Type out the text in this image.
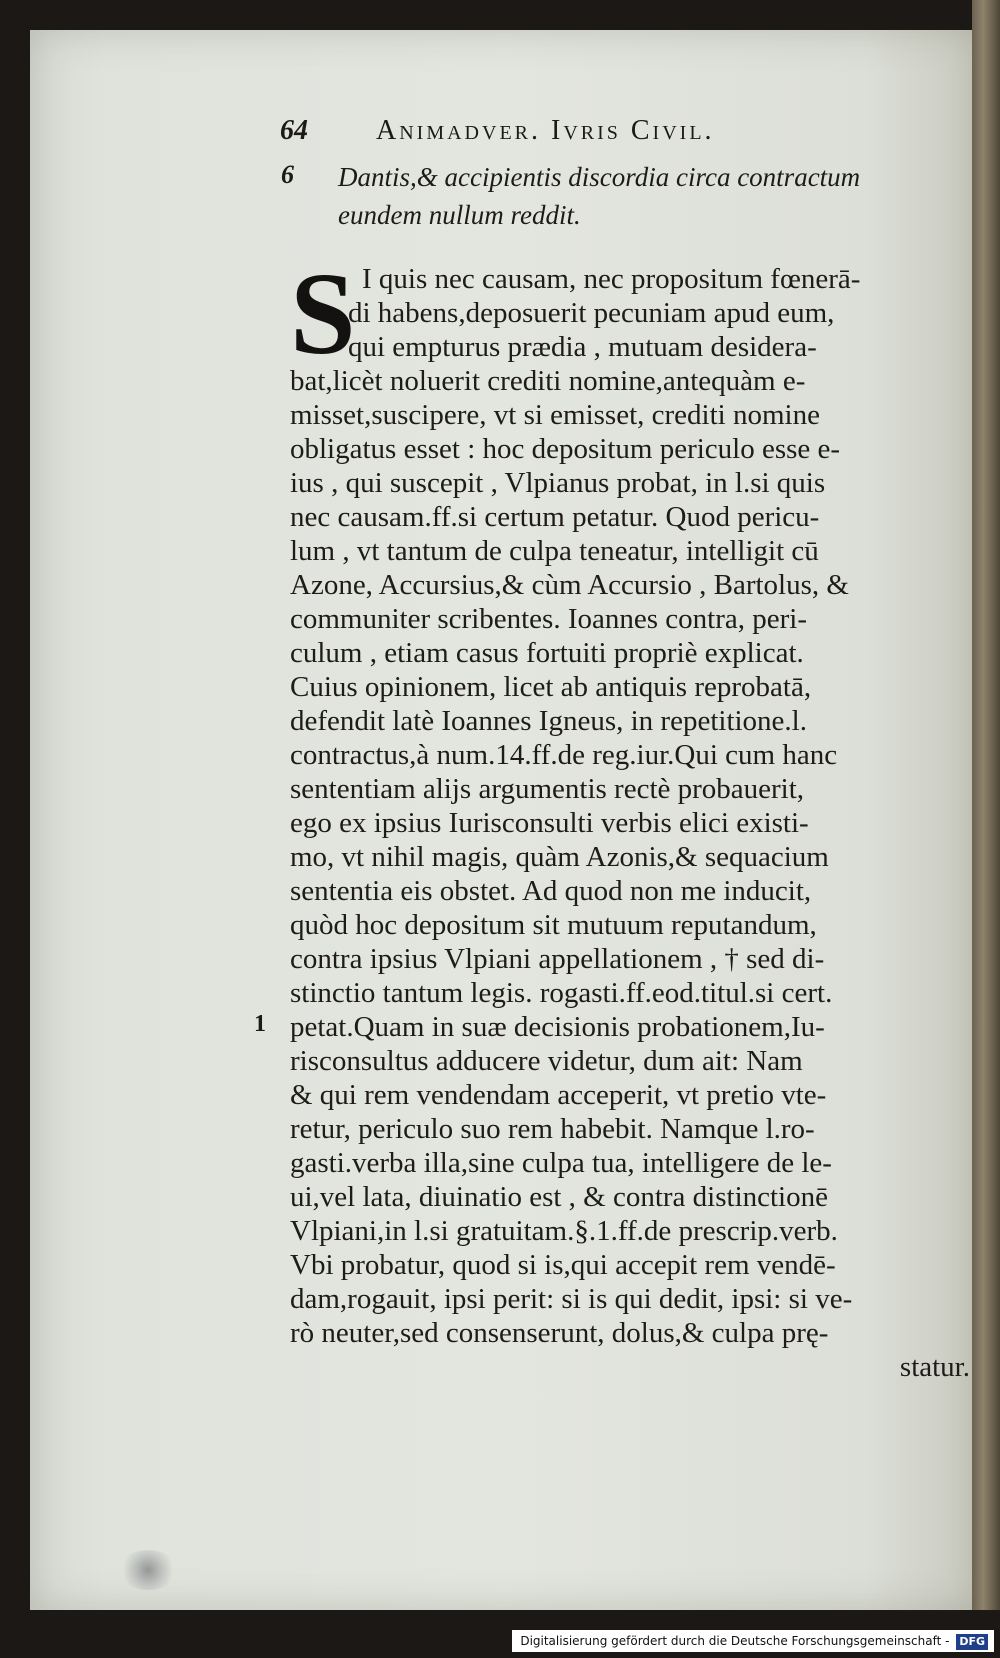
64 Animadver. Ivris Civil.
6 Dantis,& accipientis discordia circa contractum
eundem nullum reddit.
S I quis nec causam, nec propositum fœnerā-
di habens,deposuerit pecuniam apud eum,
qui empturus prædia , mutuam desidera-
bat,licèt noluerit crediti nomine,antequàm e-
misset,suscipere, vt si emisset, crediti nomine
obligatus esset : hoc depositum periculo esse e-
ius , qui suscepit , Vlpianus probat, in l.si quis
nec causam.ff.si certum petatur. Quod pericu-
lum , vt tantum de culpa teneatur, intelligit cū
Azone, Accursius,& cùm Accursio , Bartolus, &
communiter scribentes. Ioannes contra, peri-
culum , etiam casus fortuiti propriè explicat.
Cuius opinionem, licet ab antiquis reprobatā,
defendit latè Ioannes Igneus, in repetitione.l.
contractus,à num.14.ff.de reg.iur.Qui cum hanc
sententiam alijs argumentis rectè probauerit,
ego ex ipsius Iurisconsulti verbis elici existi-
mo, vt nihil magis, quàm Azonis,& sequacium
sententia eis obstet. Ad quod non me inducit,
quòd hoc depositum sit mutuum reputandum,
contra ipsius Vlpiani appellationem , † sed di-
stinctio tantum legis. rogasti.ff.eod.titul.si cert.
petat.Quam in suæ decisionis probationem,Iu-
risconsultus adducere videtur, dum ait: Nam
& qui rem vendendam acceperit, vt pretio vte-
retur, periculo suo rem habebit. Namque l.ro-
gasti.verba illa,sine culpa tua, intelligere de le-
ui,vel lata, diuinatio est , & contra distinctionē
Vlpiani,in l.si gratuitam.§.1.ff.de prescrip.verb.
Vbi probatur, quod si is,qui accepit rem vendē-
dam,rogauit, ipsi perit: si is qui dedit, ipsi: si ve-
rò neuter,sed consenserunt, dolus,& culpa prę-
statur.
1
Digitalisierung gefördert durch die Deutsche Forschungsgemeinschaft - DFG
